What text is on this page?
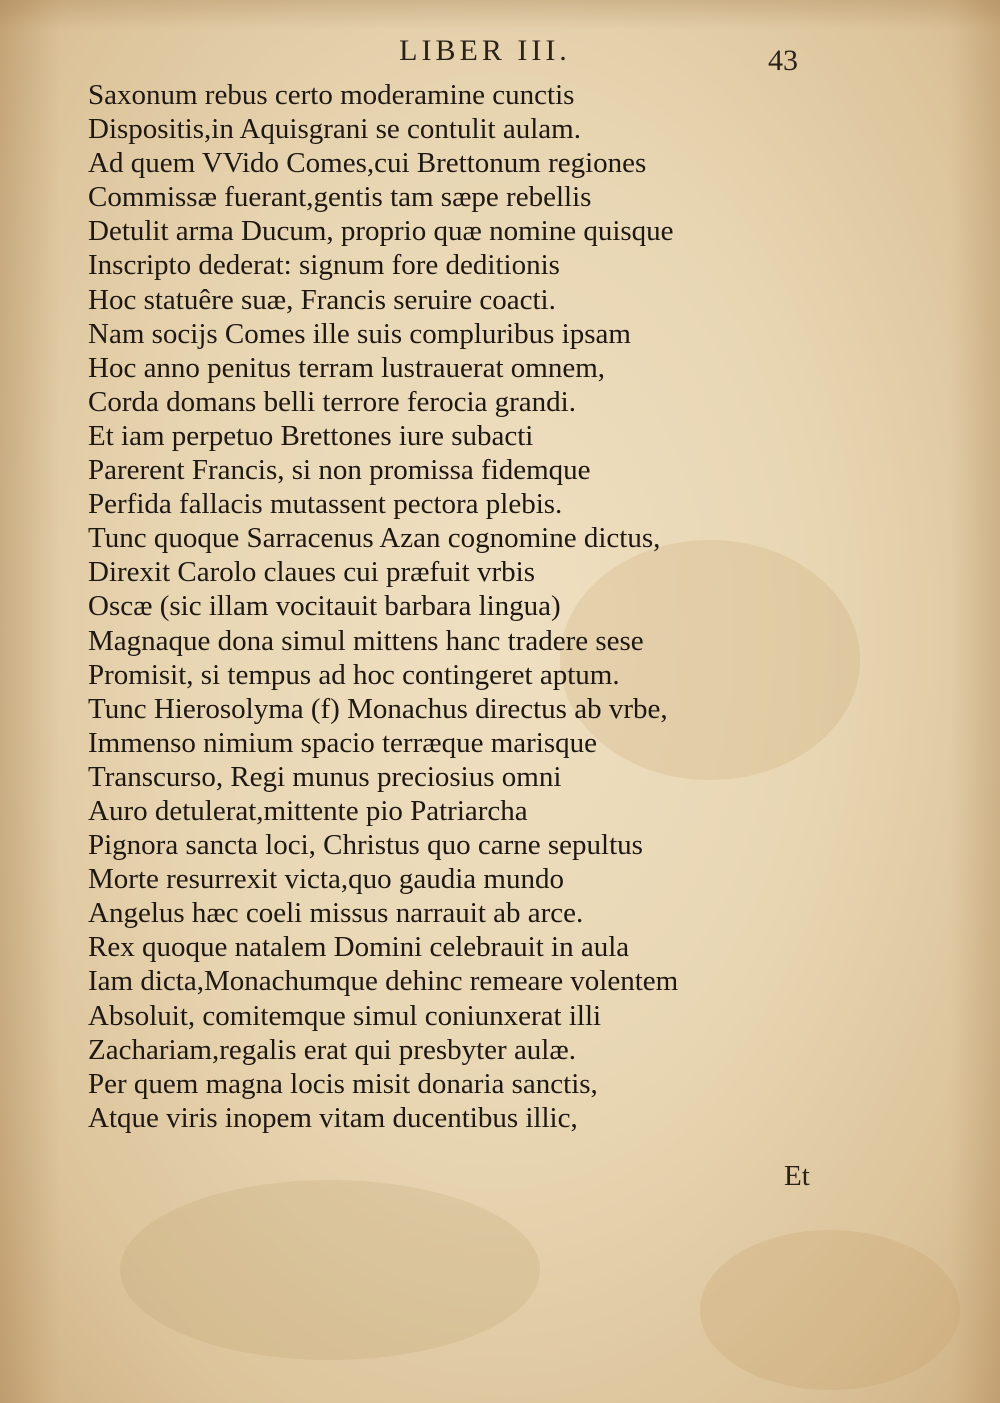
LIBER III.	43
Saxonum rebus certo moderamine cunctis
Dispositis,in Aquisgrani se contulit aulam.
Ad quem VVido Comes,cui Brettonum regiones
Commissæ fuerant,gentis tam sæpe rebellis
Detulit arma Ducum, proprio quæ nomine quisque
Inscripto dederat: signum fore deditionis
Hoc statuêre suæ, Francis seruire coacti.
Nam socijs Comes ille suis compluribus ipsam
Hoc anno penitus terram lustrauerat omnem,
Corda domans belli terrore ferocia grandi.
Et iam perpetuo Brettones iure subacti
Parerent Francis, si non promissa fidemque
Perfida fallacis mutassent pectora plebis.
Tunc quoque Sarracenus Azan cognomine dictus,
Direxit Carolo claues cui præfuit vrbis
Oscæ (sic illam vocitauit barbara lingua)
Magnaque dona simul mittens hanc tradere sese
Promisit, si tempus ad hoc contingeret aptum.
Tunc Hierosolyma (f) Monachus directus ab vrbe,
Immenso nimium spacio terræque marisque
Transcurso, Regi munus preciosius omni
Auro detulerat,mittente pio Patriarcha
Pignora sancta loci, Christus quo carne sepultus
Morte resurrexit victa,quo gaudia mundo
Angelus hæc coeli missus narrauit ab arce.
Rex quoque natalem Domini celebrauit in aula
Iam dicta,Monachumque dehinc remeare volentem
Absoluit, comitemque simul coniunxerat illi
Zachariam,regalis erat qui presbyter aulæ.
Per quem magna locis misit donaria sanctis,
Atque viris inopem vitam ducentibus illic,
Et
